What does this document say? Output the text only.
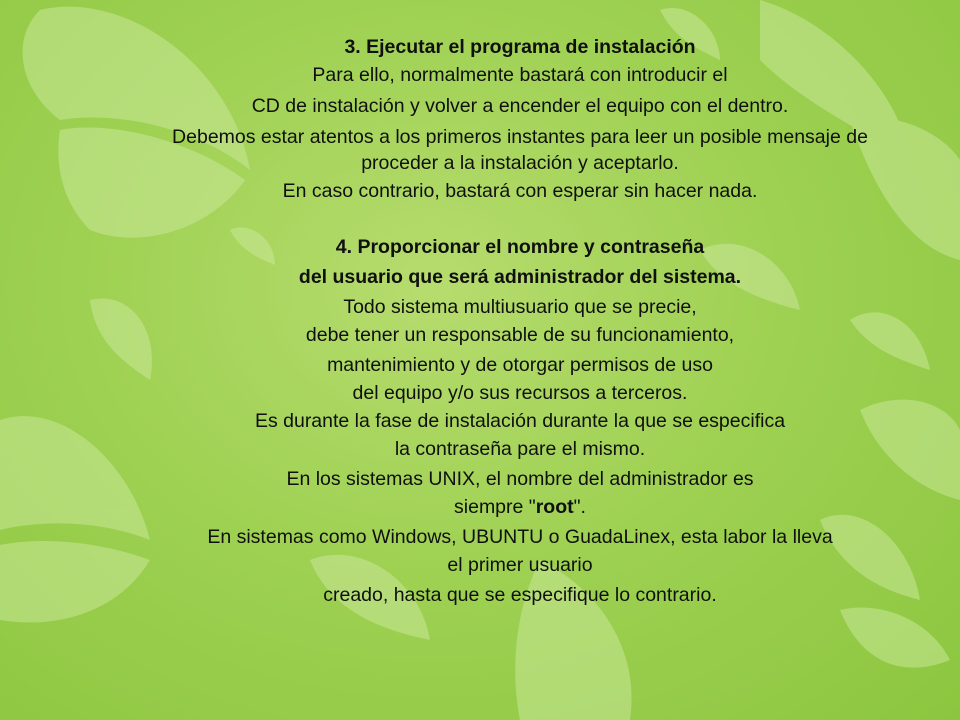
3. Ejecutar el programa de instalación
Para ello, normalmente bastará con introducir el
CD de instalación y volver a encender el equipo con el dentro.
Debemos estar atentos a los primeros instantes para leer un posible mensaje de
proceder a la instalación y aceptarlo.
En caso contrario, bastará con esperar sin hacer nada.
4. Proporcionar el nombre y contraseña
del usuario que será administrador del sistema.
Todo sistema multiusuario que se precie,
debe tener un responsable de su funcionamiento,
mantenimiento y de otorgar permisos de uso
del equipo y/o sus recursos a terceros.
Es durante la fase de instalación durante la que se especifica
la contraseña pare el mismo.
En los sistemas UNIX, el nombre del administrador es
siempre "root".
En sistemas como Windows, UBUNTU o GuadaLinex, esta labor la lleva
el primer usuario
creado, hasta que se especifique lo contrario.
